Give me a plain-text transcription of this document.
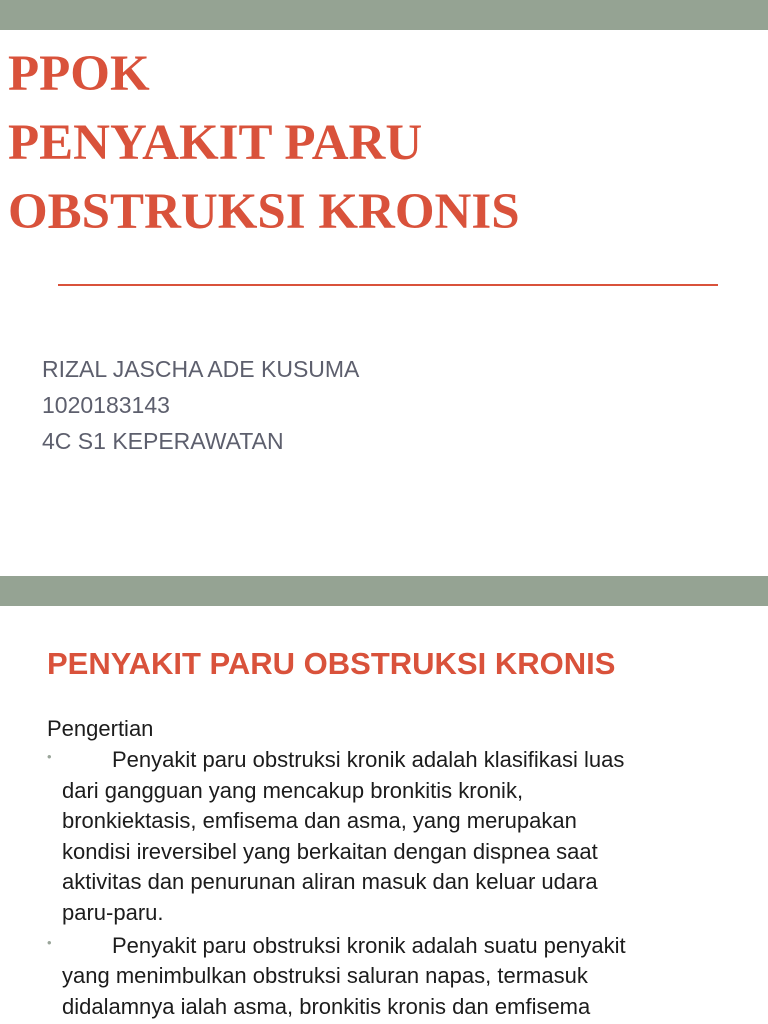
PPOK
PENYAKIT PARU
OBSTRUKSI KRONIS
RIZAL JASCHA ADE KUSUMA
1020183143
4C S1 KEPERAWATAN
PENYAKIT PARU OBSTRUKSI KRONIS
Pengertian
•	Penyakit paru obstruksi kronik adalah klasifikasi luas
dari gangguan yang mencakup bronkitis kronik,
bronkiektasis, emfisema dan asma, yang merupakan
kondisi ireversibel yang berkaitan dengan dispnea saat
aktivitas dan penurunan aliran masuk dan keluar udara
paru-paru.
•	Penyakit paru obstruksi kronik adalah suatu penyakit
yang menimbulkan obstruksi saluran napas, termasuk
didalamnya ialah asma, bronkitis kronis dan emfisema
